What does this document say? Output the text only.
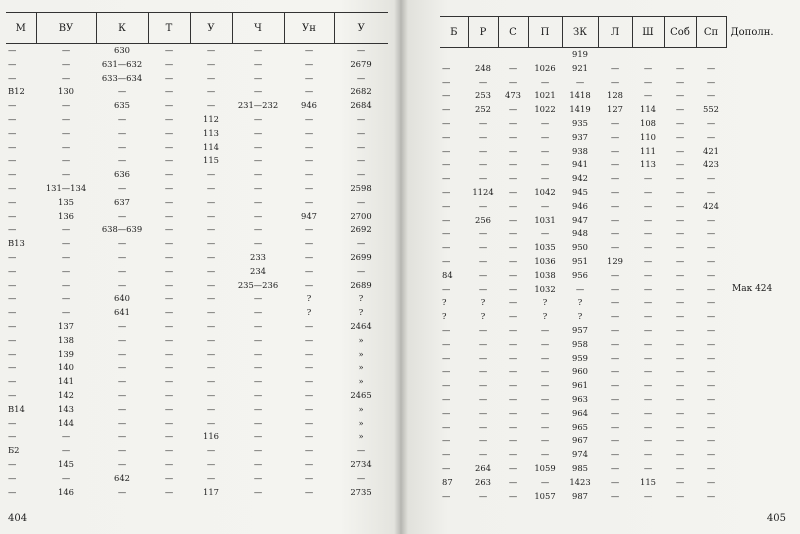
М	ВУ	К	Т	У	Ч	Ун	У
—	—	630	—	—	—	—	—
—	—	631—632	—	—	—	—	2679
—	—	633—634	—	—	—	—	—
B12	130	—	—	—	—	—	2682
—	—	635	—	—	231—232	946	2684
—	—	—	—	112	—	—	—
—	—	—	—	113	—	—	—
—	—	—	—	114	—	—	—
—	—	—	—	115	—	—	—
—	—	636	—	—	—	—	—
—	131—134	—	—	—	—	—	2598
—	135	637	—	—	—	—	—
—	136	—	—	—	—	947	2700
—	—	638—639	—	—	—	—	2692
B13	—	—	—	—	—	—	—
—	—	—	—	—	233	—	2699
—	—	—	—	—	234	—	—
—	—	—	—	—	235—236	—	2689
—	—	640	—	—	—	?	?
—	—	641	—	—	—	?	?
—	137	—	—	—	—	—	2464
—	138	—	—	—	—	—	»
—	139	—	—	—	—	—	»
—	140	—	—	—	—	—	»
—	141	—	—	—	—	—	»
—	142	—	—	—	—	—	2465
B14	143	—	—	—	—	—	»
—	144	—	—	—	—	—	»
—	—	—	—	116	—	—	»
Б2	—	—	—	—	—	—	—
—	145	—	—	—	—	—	2734
—	—	642	—	—	—	—	—
—	146	—	—	117	—	—	2735
404
Б	Р	С	П	ЗК	Л	Ш	Соб	Сп	Дополн.
				919					
—	248	—	1026	921	—	—	—	—	
—	—	—	—	—	—	—	—	—	
—	253	473	1021	1418	128	—	—	—	
—	252	—	1022	1419	127	114	—	552	
—	—	—	—	935	—	108	—	—	
—	—	—	—	937	—	110	—	—	
—	—	—	—	938	—	111	—	421	
—	—	—	—	941	—	113	—	423	
—	—	—	—	942	—	—	—	—	
—	1124	—	1042	945	—	—	—	—	
—	—	—	—	946	—	—	—	424	
—	256	—	1031	947	—	—	—	—	
—	—	—	—	948	—	—	—	—	
—	—	—	1035	950	—	—	—	—	
—	—	—	1036	951	129	—	—	—	
84	—	—	1038	956	—	—	—	—	
—	—	—	1032	—	—	—	—	—	Мак 424
?	?	—	?	?	—	—	—	—	
?	?	—	?	?	—	—	—	—	
—	—	—	—	957	—	—	—	—	
—	—	—	—	958	—	—	—	—	
—	—	—	—	959	—	—	—	—	
—	—	—	—	960	—	—	—	—	
—	—	—	—	961	—	—	—	—	
—	—	—	—	963	—	—	—	—	
—	—	—	—	964	—	—	—	—	
—	—	—	—	965	—	—	—	—	
—	—	—	—	967	—	—	—	—	
—	—	—	—	974	—	—	—	—	
—	264	—	1059	985	—	—	—	—	
87	263	—	—	1423	—	115	—	—	
—	—	—	1057	987	—	—	—	—	
405
